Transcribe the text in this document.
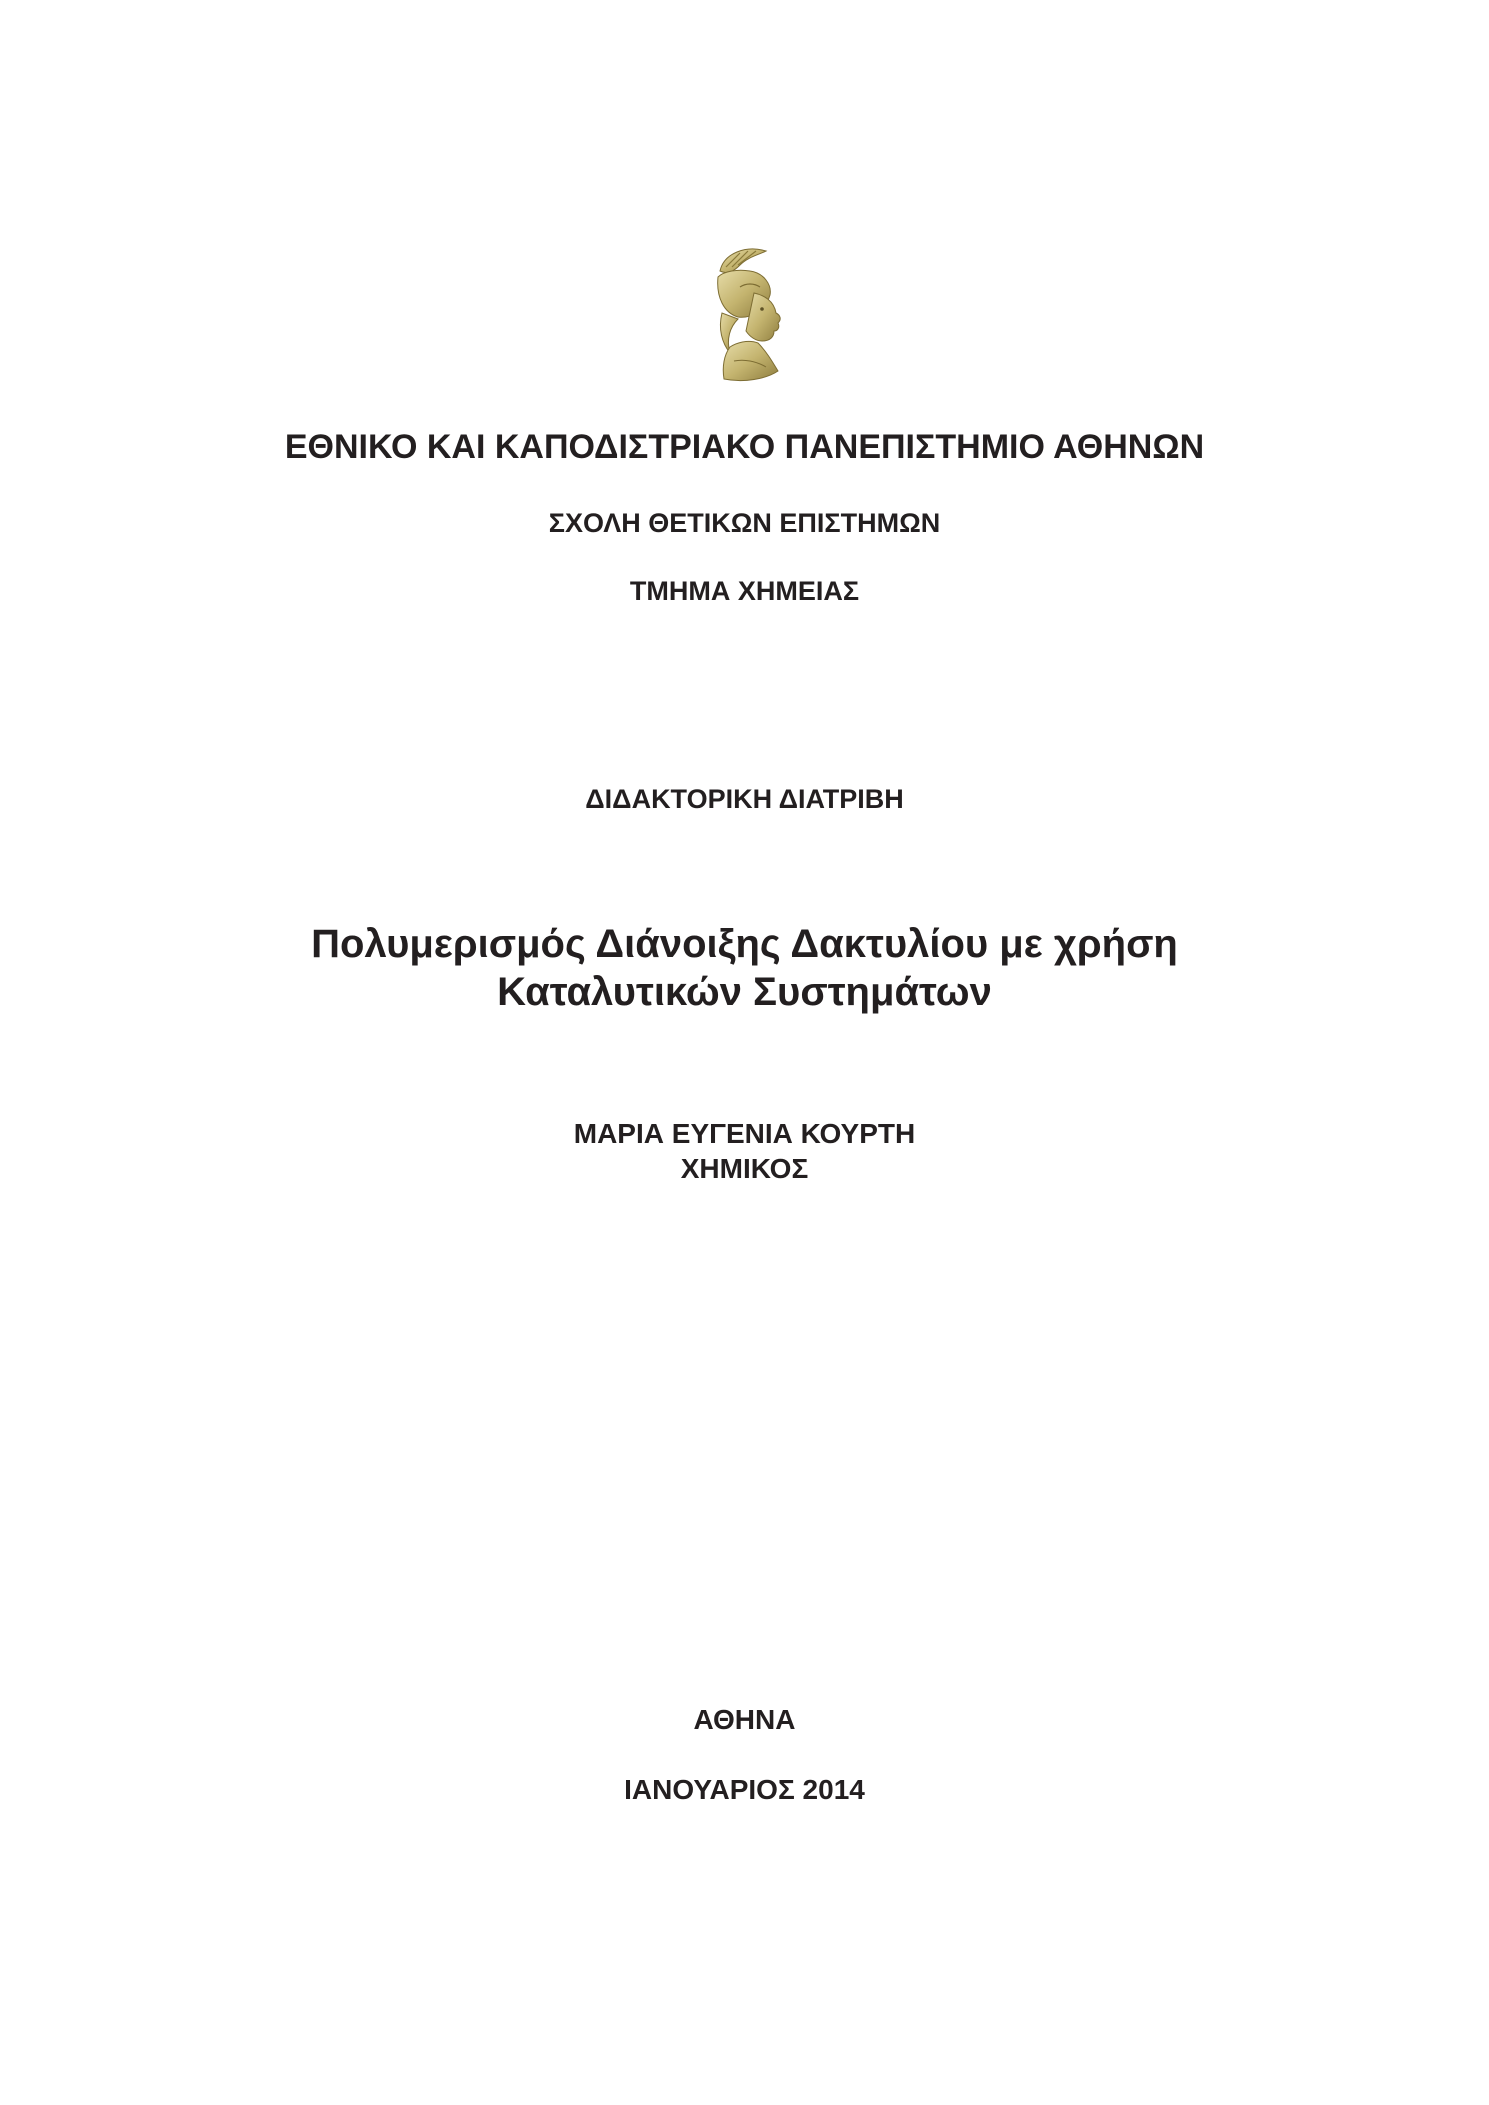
ΕΘΝΙΚΟ ΚΑΙ ΚΑΠΟΔΙΣΤΡΙΑΚΟ ΠΑΝΕΠΙΣΤΗΜΙΟ ΑΘΗΝΩΝ

ΣΧΟΛΗ ΘΕΤΙΚΩΝ ΕΠΙΣΤΗΜΩΝ

ΤΜΗΜΑ ΧΗΜΕΙΑΣ

ΔΙΔΑΚΤΟΡΙΚΗ ΔΙΑΤΡΙΒΗ

Πολυμερισμός Διάνοιξης Δακτυλίου με χρήση

Καταλυτικών Συστημάτων

ΜΑΡΙΑ ΕΥΓΕΝΙΑ ΚΟΥΡΤΗ

ΧΗΜΙΚΟΣ

ΑΘΗΝΑ

ΙΑΝΟΥΑΡΙΟΣ 2014
